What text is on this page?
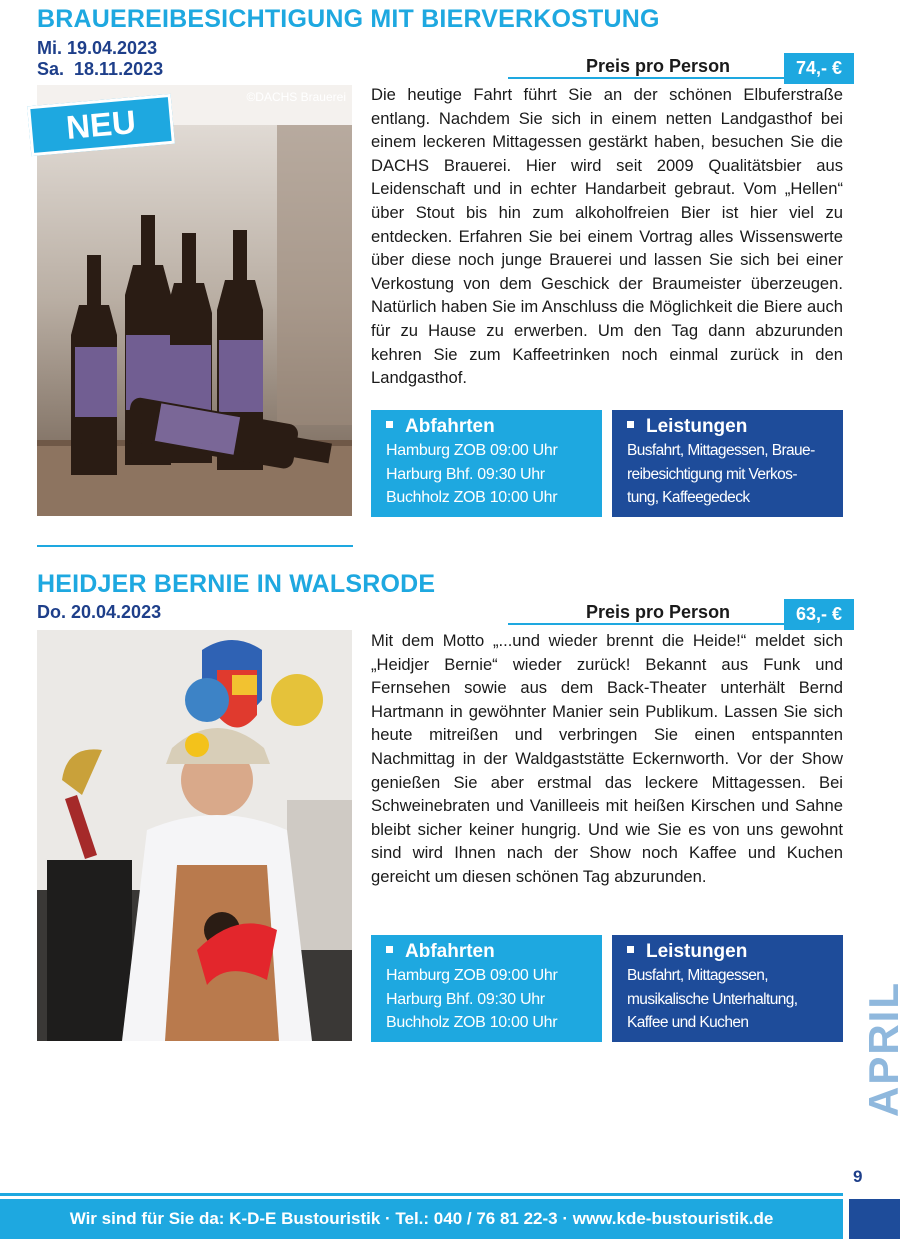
BRAUEREIBESICHTIGUNG MIT BIERVERKOSTUNG
Mi. 19.04.2023
Sa.  18.11.2023	Preis pro Person	74,- €
©DACHS Brauerei
NEU

Die heutige Fahrt führt Sie an der schönen Elbuferstraße entlang. Nachdem Sie sich in einem netten Landgasthof bei einem leckeren Mittagessen gestärkt haben, besuchen Sie die DACHS Brauerei. Hier wird seit 2009 Qualitätsbier aus Leidenschaft und in echter Handarbeit gebraut. Vom „Hellen“ über Stout bis hin zum alkoholfreien Bier ist hier viel zu entdecken. Erfahren Sie bei einem Vortrag alles Wissenswerte über diese noch junge Brauerei und lassen Sie sich bei einer Verkostung von dem Geschick der Braumeister überzeugen. Natürlich haben Sie im Anschluss die Möglichkeit die Biere auch für zu Hause zu erwerben. Um den Tag dann abzurunden kehren Sie zum Kaffeetrinken noch einmal zurück in den Landgasthof.

Abfahrten
Hamburg ZOB 09:00 Uhr
Harburg Bhf. 09:30 Uhr
Buchholz ZOB 10:00 Uhr
Leistungen
Busfahrt, Mittagessen, Braue-
reibesichtigung mit Verkos-
tung, Kaffeegedeck
HEIDJER BERNIE IN WALSRODE
Do. 20.04.2023	Preis pro Person	63,- €

Mit dem Motto „...und wieder brennt die Heide!“ meldet sich „Heidjer Bernie“ wieder zurück! Bekannt aus Funk und Fernsehen sowie aus dem Back-Theater unterhält Bernd Hartmann in gewöhnter Manier sein Publikum. Lassen Sie sich heute mitreißen und verbringen Sie einen entspannten Nachmittag in der Waldgaststätte Eckernworth. Vor der Show genießen Sie aber erstmal das leckere Mittagessen. Bei Schweinebraten und Vanilleeis mit heißen Kirschen und Sahne bleibt sicher keiner hungrig. Und wie Sie es von uns gewohnt sind wird Ihnen nach der Show noch Kaffee und Kuchen gereicht um diesen schönen Tag abzurunden.

Abfahrten
Hamburg ZOB 09:00 Uhr
Harburg Bhf. 09:30 Uhr
Buchholz ZOB 10:00 Uhr
Leistungen
Busfahrt, Mittagessen,
musikalische Unterhaltung,
Kaffee und Kuchen	APRIL
9
Wir sind für Sie da: K-D-E Bustouristik · Tel.: 040 / 76 81 22-3 · www.kde-bustouristik.de
